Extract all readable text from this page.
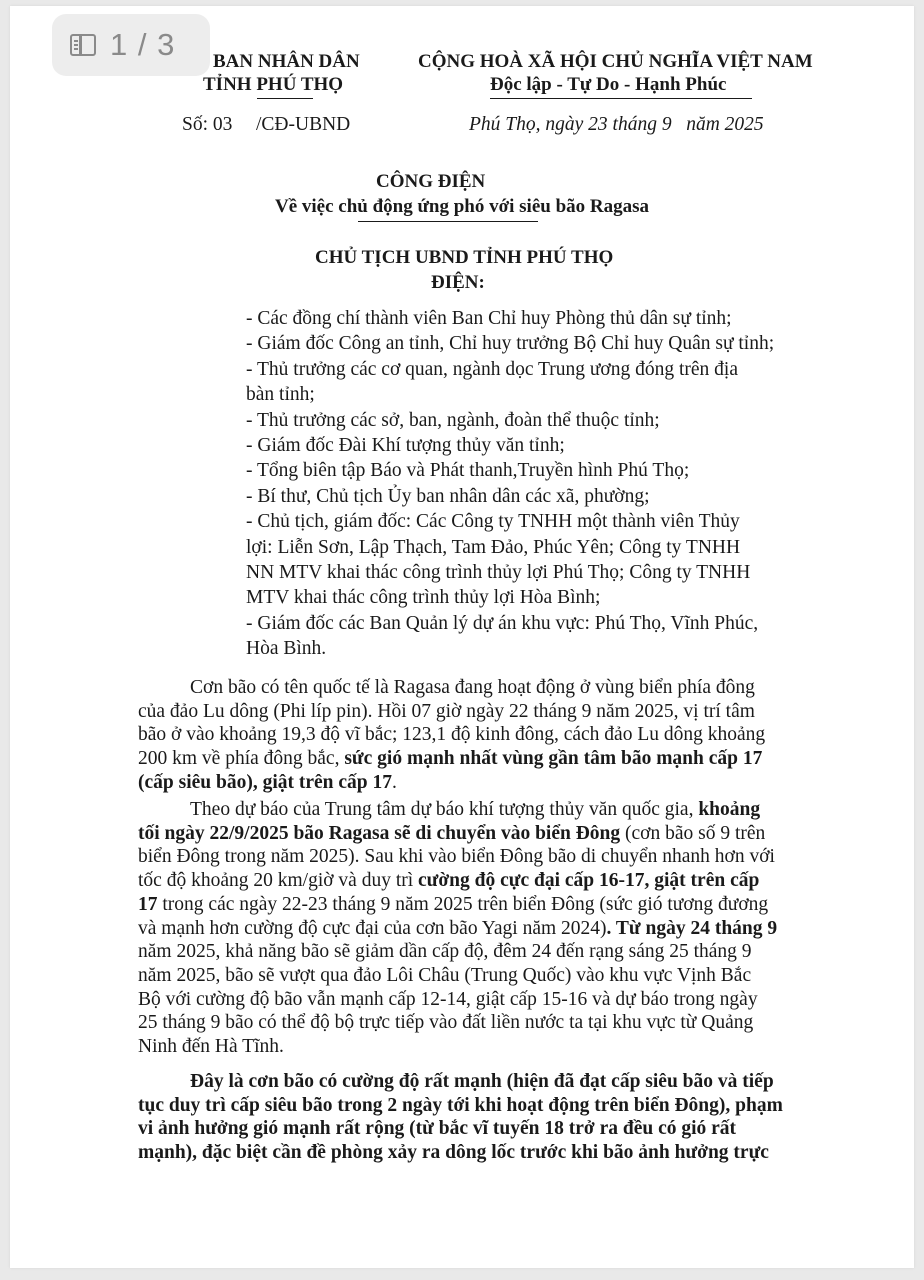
1 / 3 BAN NHÂN DÂN
TỈNH PHÚ THỌ
CỘNG HOÀ XÃ HỘI CHỦ NGHĨA VIỆT NAM
Độc lập - Tự Do - Hạnh Phúc
Số: 03 /CĐ-UBND	Phú Thọ, ngày 23 tháng 9   năm 2025
CÔNG ĐIỆN
Về việc chủ động ứng phó với siêu bão Ragasa
CHỦ TỊCH UBND TỈNH PHÚ THỌ
ĐIỆN:
- Các đồng chí thành viên Ban Chỉ huy Phòng thủ dân sự tỉnh;
- Giám đốc Công an tỉnh, Chỉ huy trưởng Bộ Chỉ huy Quân sự tỉnh;
- Thủ trưởng các cơ quan, ngành dọc Trung ương đóng trên địa
bàn tỉnh;
- Thủ trưởng các sở, ban, ngành, đoàn thể thuộc tỉnh;
- Giám đốc Đài Khí tượng thủy văn tỉnh;
- Tổng biên tập Báo và Phát thanh,Truyền hình Phú Thọ;
- Bí thư, Chủ tịch Ủy ban nhân dân các xã, phường;
- Chủ tịch, giám đốc: Các Công ty TNHH một thành viên Thủy
lợi: Liễn Sơn, Lập Thạch, Tam Đảo, Phúc Yên; Công ty TNHH
NN MTV khai thác công trình thủy lợi Phú Thọ; Công ty TNHH
MTV khai thác công trình thủy lợi Hòa Bình;
- Giám đốc các Ban Quản lý dự án khu vực: Phú Thọ, Vĩnh Phúc,
Hòa Bình.
Cơn bão có tên quốc tế là Ragasa đang hoạt động ở vùng biển phía đông
của đảo Lu dông (Phi líp pin). Hồi 07 giờ ngày 22 tháng 9 năm 2025, vị trí tâm
bão ở vào khoảng 19,3 độ vĩ bắc; 123,1 độ kinh đông, cách đảo Lu dông khoảng
200 km về phía đông bắc, sức gió mạnh nhất vùng gần tâm bão mạnh cấp 17
(cấp siêu bão), giật trên cấp 17.
Theo dự báo của Trung tâm dự báo khí tượng thủy văn quốc gia, khoảng
tối ngày 22/9/2025 bão Ragasa sẽ di chuyển vào biển Đông (cơn bão số 9 trên
biển Đông trong năm 2025). Sau khi vào biển Đông bão di chuyển nhanh hơn với
tốc độ khoảng 20 km/giờ và duy trì cường độ cực đại cấp 16-17, giật trên cấp
17 trong các ngày 22-23 tháng 9 năm 2025 trên biển Đông (sức gió tương đương
và mạnh hơn cường độ cực đại của cơn bão Yagi năm 2024). Từ ngày 24 tháng 9
năm 2025, khả năng bão sẽ giảm dần cấp độ, đêm 24 đến rạng sáng 25 tháng 9
năm 2025, bão sẽ vượt qua đảo Lôi Châu (Trung Quốc) vào khu vực Vịnh Bắc
Bộ với cường độ bão vẫn mạnh cấp 12-14, giật cấp 15-16 và dự báo trong ngày
25 tháng 9 bão có thể độ bộ trực tiếp vào đất liền nước ta tại khu vực từ Quảng
Ninh đến Hà Tĩnh.
Đây là cơn bão có cường độ rất mạnh (hiện đã đạt cấp siêu bão và tiếp
tục duy trì cấp siêu bão trong 2 ngày tới khi hoạt động trên biển Đông), phạm
vi ảnh hưởng gió mạnh rất rộng (từ bắc vĩ tuyến 18 trở ra đều có gió rất
mạnh), đặc biệt cần đề phòng xảy ra dông lốc trước khi bão ảnh hưởng trực
